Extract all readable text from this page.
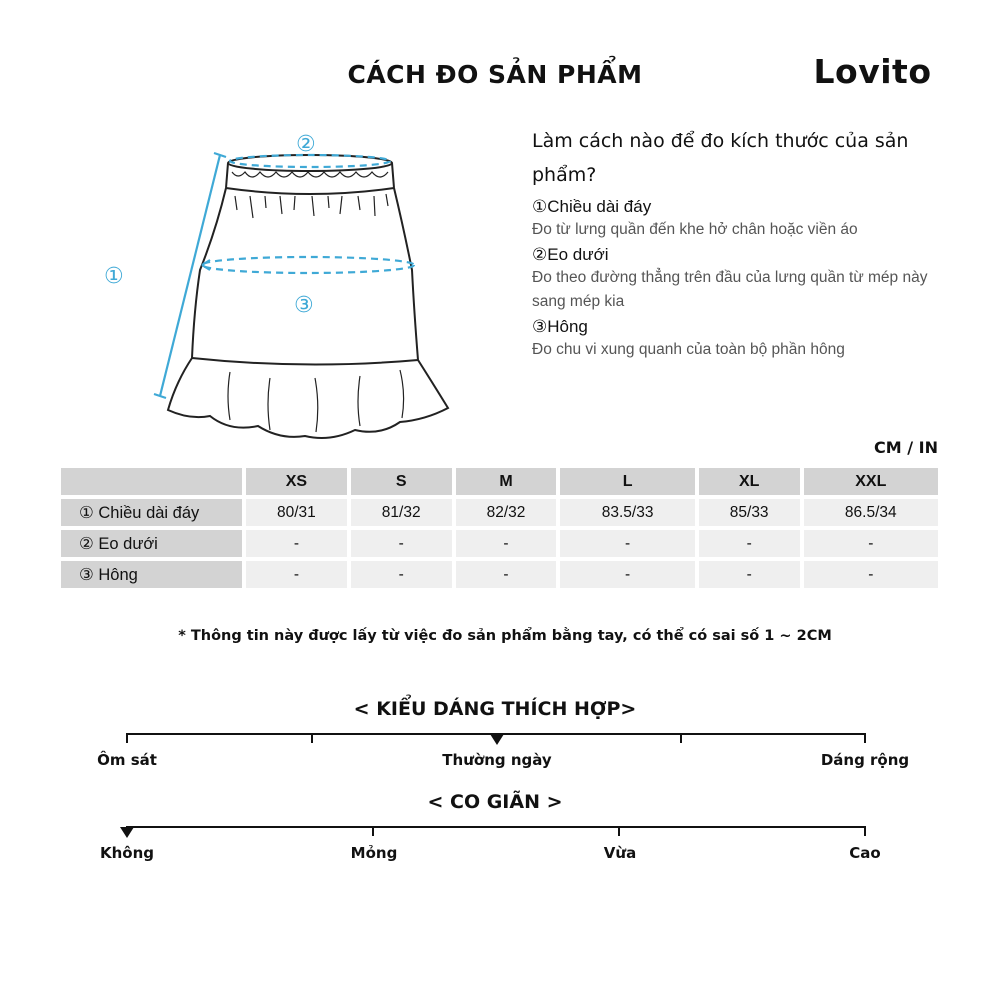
CÁCH ĐO SẢN PHẨM	Lovito
①
②
③
Làm cách nào để đo kích thước của sản phẩm?
①Chiều dài đáy
Đo từ lưng quần đến khe hở chân hoặc viền áo
②Eo dưới
Đo theo đường thẳng trên đầu của lưng quần từ mép này sang mép kia
③Hông
Đo chu vi xung quanh của toàn bộ phần hông
CM / IN
	XS	S	M	L	XL	XXL
① Chiều dài đáy	80/31	81/32	82/32	83.5/33	85/33	86.5/34
② Eo dưới	-	-	-	-	-	-
③ Hông	-	-	-	-	-	-
* Thông tin này được lấy từ việc đo sản phẩm bằng tay, có thể có sai số 1 ~ 2CM
< KIỂU DÁNG THÍCH HỢP>
Ôm sát	Thường ngày	Dáng rộng
< CO GIÃN >
Không	Mỏng	Vừa	Cao
